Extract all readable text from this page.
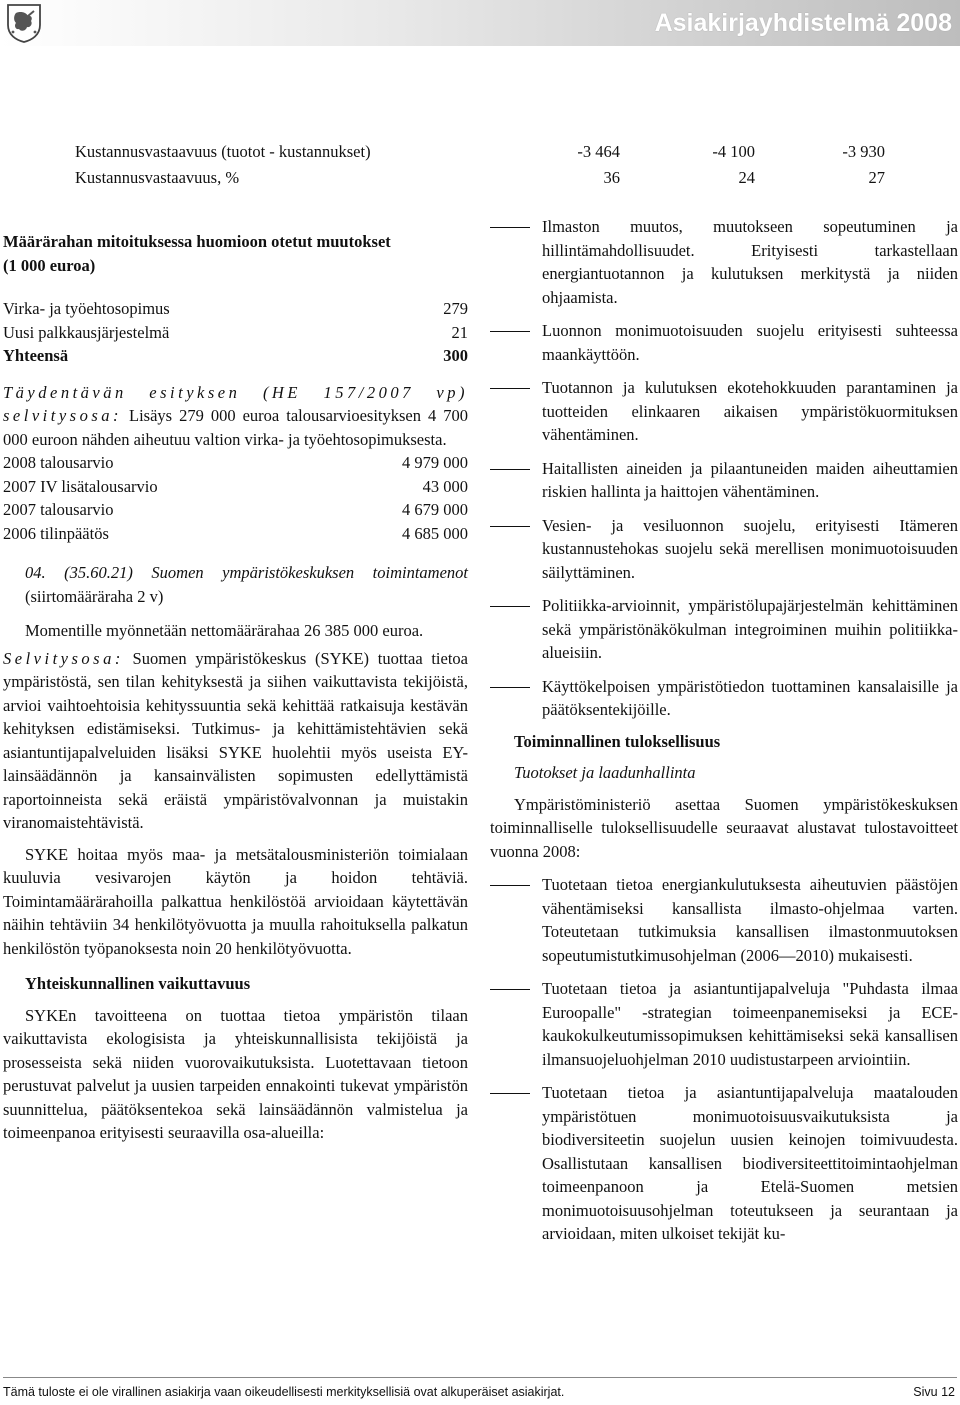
Asiakirjayhdistelmä 2008
Kustannusvastaavuus (tuotot - kustannukset)	-3 464	-4 100	-3 930
Kustannusvastaavuus, %	36	24	27
Määrärahan mitoituksessa huomioon otetut muutokset
(1 000 euroa)
Virka- ja työehtosopimus	279
Uusi palkkausjärjestelmä	21
Yhteensä	300

Täydentävän esityksen (HE 157/2007 vp) selvitysosa: Lisäys 279 000 euroa talousarvioesityksen 4 700 000 euroon nähden aiheutuu valtion virka- ja työehtosopimuksesta.

2008 talousarvio	4 979 000
2007 IV lisätalousarvio	43 000
2007 talousarvio	4 679 000
2006 tilinpäätös	4 685 000

04. (35.60.21) Suomen ympäristökeskuksen toimintamenot (siirtomääräraha 2 v)

Momentille myönnetään nettomäärärahaa 26 385 000 euroa.

Selvitysosa: Suomen ympäristökeskus (SYKE) tuottaa tietoa ympäristöstä, sen tilan kehityksestä ja siihen vaikuttavista tekijöistä, arvioi vaihtoehtoisia kehityssuuntia sekä kehittää ratkaisuja kestävän kehityksen edistämiseksi. Tutkimus- ja kehittämistehtävien sekä asiantuntijapalveluiden lisäksi SYKE huolehtii myös useista EY-lainsäädännön ja kansainvälisten sopimusten edellyttämistä raportoinneista sekä eräistä ympäristövalvonnan ja muistakin viranomaistehtävistä.

SYKE hoitaa myös maa- ja metsätalousministeriön toimialaan kuuluvia vesivarojen käytön ja hoidon tehtäviä. Toimintamäärärahoilla palkattua henkilöstöä arvioidaan käytettävän näihin tehtäviin 34 henkilötyövuotta ja muulla rahoituksella palkatun henkilöstön työpanoksesta noin 20 henkilötyövuotta.

Yhteiskunnallinen vaikuttavuus

SYKEn tavoitteena on tuottaa tietoa ympäristön tilaan vaikuttavista ekologisista ja yhteiskunnallisista tekijöistä ja prosesseista sekä niiden vuorovaikutuksista. Luotettavaan tietoon perustuvat palvelut ja uusien tarpeiden ennakointi tukevat ympäristön suunnittelua, päätöksentekoa sekä lainsäädännön valmistelua ja toimeenpanoa erityisesti seuraavilla osa-alueilla:

Ilmaston muutos, muutokseen sopeutuminen ja hillintämahdollisuudet. Erityisesti tarkastellaan energiantuotannon ja kulutuksen merkitystä ja niiden ohjaamista.
Luonnon monimuotoisuuden suojelu erityisesti suhteessa maankäyttöön.
Tuotannon ja kulutuksen ekotehokkuuden parantaminen ja tuotteiden elinkaaren aikaisen ympäristökuormituksen vähentäminen.
Haitallisten aineiden ja pilaantuneiden maiden aiheuttamien riskien hallinta ja haittojen vähentäminen.
Vesien- ja vesiluonnon suojelu, erityisesti Itämeren kustannustehokas suojelu sekä merellisen monimuotoisuuden säilyttäminen.
Politiikka-arvioinnit, ympäristölupajärjestelmän kehittäminen sekä ympäristönäkökulman integroiminen muihin politiikka-alueisiin.
Käyttökelpoisen ympäristötiedon tuottaminen kansalaisille ja päätöksentekijöille.
Toiminnallinen tuloksellisuus
Tuotokset ja laadunhallinta

Ympäristöministeriö asettaa Suomen ympäristökeskuksen toiminnalliselle tuloksellisuudelle seuraavat alustavat tulostavoitteet vuonna 2008:

Tuotetaan tietoa energiankulutuksesta aiheutuvien päästöjen vähentämiseksi kansallista ilmasto-ohjelmaa varten. Toteutetaan tutkimuksia kansallisen ilmastonmuutoksen sopeutumistutkimusohjelman (2006—2010) mukaisesti.
Tuotetaan tietoa ja asiantuntijapalveluja "Puhdasta ilmaa Euroopalle" -strategian toimeenpanemiseksi ja ECE-kaukokulkeutumissopimuksen kehittämiseksi sekä kansallisen ilmansuojeluohjelman 2010 uudistustarpeen arviointiin.
Tuotetaan tietoa ja asiantuntijapalveluja maatalouden ympäristötuen monimuotoisuusvaikutuksista ja biodiversiteetin suojelun uusien keinojen toimivuudesta. Osallistutaan kansallisen biodiversiteettitoimintaohjelman toimeenpanoon ja Etelä-Suomen metsien monimuotoisuusohjelman toteutukseen ja seurantaan ja arvioidaan, miten ulkoiset tekijät ku-
Tämä tuloste ei ole virallinen asiakirja vaan oikeudellisesti merkityksellisiä ovat alkuperäiset asiakirjat.	Sivu 12
